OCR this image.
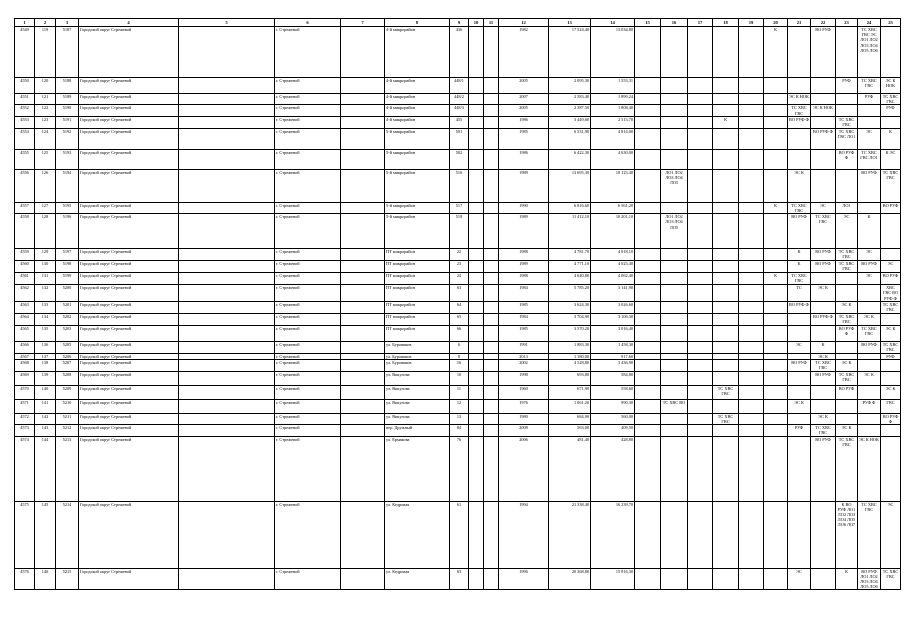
1	2	3	4	5	6	7	8	9	10	11	12	13	14	15	16	17	18	19	20	21	22	23	24	25
4549	119	5187	Городской округ Стрежевой		г. Стрежевой		4-й микрорайон	436			1982	17 524,40	13 034,80						К		ВО РУФ		ТС ХВС ГВС ЭС ЛО1 ЛО2 ЛО3 ЛО4 ЛО5 ЛО6	
4550	120	5188	Городской округ Стрежевой		г. Стрежевой		4-й микрорайон	448/1			2005	2 095,30	1 553,31									РУФ	ТС ХВС ГВС	ЭС К НОК
4551	121	5189	Городской округ Стрежевой		г. Стрежевой		4-й микрорайон	448/2			2007	2 583,40	1 899,24							ЭС К НОК			РУФ	ТС ХВС ГВС
4552	122	5190	Городской округ Стрежевой		г. Стрежевой		4-й микрорайон	448/3			2005	2 387,50	1 808,40							ТС ХВС ГВС	ЭС К НОК			РУФ
4553	123	5191	Городской округ Стрежевой		г. Стрежевой		4-й микрорайон	455			1986	3 449,60	2 513,70				К			ВО РУФ Ф		ТС ХВС ГВС		
4554	124	5192	Городской округ Стрежевой		г. Стрежевой		5-й микрорайон	501			1985	6 531,90	4 814,00								ВО РУФ Ф	ТС ХВС ГВС ЛО1	ЭС	К
4555	125	5193	Городской округ Стрежевой		г. Стрежевой		5-й микрорайон	502			1986	6 422,30	4 630,00									ВО РУФ Ф	ТС ХВС ГВС ЛО1	К ЭС
4556	126	5194	Городской округ Стрежевой		г. Стрежевой		5-й микрорайон	516			1989	13 695,30	10 123,40		ЛО1 ЛО2 ЛО3 ЛО4 ЛО5					ЭС К			ВО РУФ	ТС ХВС ГВС
4557	127	5195	Городской округ Стрежевой		г. Стрежевой		5-й микрорайон	517			1990	6 816,60	6 561,20						К	ТС ХВС ГВС	ЭС	ЛО1		ВО РУФ
4558	128	5196	Городской округ Стрежевой		г. Стрежевой		5-й микрорайон	518			1989	11 412,10	10 201,10		ЛО1 ЛО2 ЛО3 ЛО4 ЛО5					ВО РУФ	ТС ХВС ГВС	ЭС	К	
4559	129	5197	Городской округ Стрежевой		г. Стрежевой		ПТ микрорайон	22			1988	4 781,70	4 018,10							К	ВО РУФ	ТС ХВС ГВС	ЭС	
4560	130	5198	Городской округ Стрежевой		г. Стрежевой		ПТ микрорайон	23			1989	4 771,10	4 025,40							К	ВО РУФ	ТС ХВС ГВС	ВО РУФ	ЭС
4561	131	5199	Городской округ Стрежевой		г. Стрежевой		ПТ микрорайон	24			1988	4 640,80	4 062,40						К	ТС ХВС ГВС			ЭС	ВО РУФ
4562	132	5200	Городской округ Стрежевой		г. Стрежевой		ПТ микрорайон	63			1984	5 785,20	3 141,90							ТС	ЭС К			ХВС ГВС ВО РУФ Ф
4563	133	5201	Городской округ Стрежевой		г. Стрежевой		ПТ микрорайон	64			1985	3 624,30	3 026,60							ВО РУФ Ф		ЭС К		ТС ХВС ГВС
4564	134	5202	Городской округ Стрежевой		г. Стрежевой		ПТ микрорайон	65			1984	3 704,90	3 106,30								ВО РУФ Ф	ТС ХВС ГВС	ЭС К	
4565	135	5203	Городской округ Стрежевой		г. Стрежевой		ПТ микрорайон	66			1985	3 570,20	3 016,40									ВО РУФ Ф	ТС ХВС ГВС	ЭС К
4566	136	5205	Городской округ Стрежевой		г. Стрежевой		ул. Буровиков	6			1991	1 883,30	1 458,30							ЭС	К		ВО РУФ	ТС ХВС ГВС
4567	137	5206	Городской округ Стрежевой		г. Стрежевой		ул. Буровиков	8			2013	1 180,00	917,60								ЭС К			РУФ
4568	138	5207	Городской округ Стрежевой		г. Стрежевой		ул. Буровиков	16			2002	4 528,80	3 436,90							ВО РУФ	ТС ХВС ГВС	ЭС К		
4569	139	5208	Городской округ Стрежевой		г. Стрежевой		ул. Викулова	10			1998	693,80	584,80								ВО РУФ	ТС ХВС ГВС	ЭС К	
4570	140	5209	Городской округ Стрежевой		г. Стрежевой		ул. Викулова	11			1960	671,90	558,60				ТС ХВС ГВС					ВО РУФ		ЭС К
4571	141	5210	Городской округ Стрежевой		г. Стрежевой		ул. Викулова	12			1976	1 061,20	990,30		ТС ХВС ВО					ЭС К			РУФ Ф	ГВС
4572	142	5211	Городской округ Стрежевой		г. Стрежевой		ул. Викулова	13			1980	684,90	560,00				ТС ХВС ГВС				ЭС К			ВО РУФ Ф
4573	143	5212	Городской округ Стрежевой		г. Стрежевой		пер. Дружный	84			2008	563,00	409,50							РУФ	ТС ХВС ГВС	ЭС К		
4574	144	5213	Городской округ Стрежевой		г. Стрежевой		ул. Ермакова	76			2006	481,40	428,80								ВО РУФ	ТС ХВС ГВС	ЭС К НОК	
4575	145	5214	Городской округ Стрежевой		г. Стрежевой		ул. Кедровая	61			1994	21 338,40	16 239,70									К ВО РУФ ЛО1 ЛО2 ЛО3 ЛО4 ЛО5 ЛО6 ЛО7	ТС ХВС ГВС	ЭС
4576	146	5215	Городской округ Стрежевой		г. Стрежевой		ул. Кедровая	63			1996	20 368,80	15 816,30							ЭС		К	ВО РУФ ЛО1 ЛО2 ЛО3 ЛО4 ЛО5 ЛО6	ТС ХВС ГВС
